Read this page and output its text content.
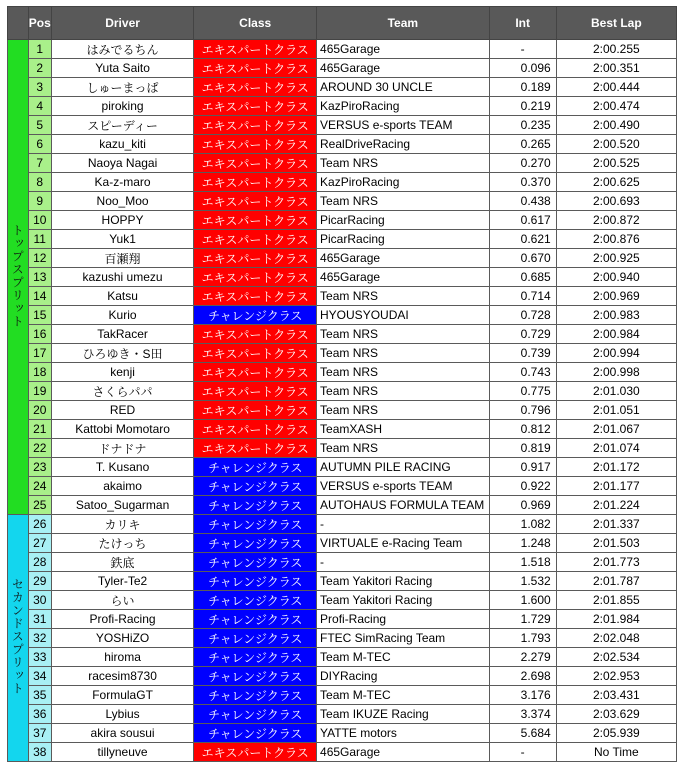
	Pos	Driver	Class	Team	Int	Best Lap
トップスプリット	1	はみでるちん	エキスパートクラス	465Garage	-	2:00.255
	2	Yuta Saito	エキスパートクラス	465Garage	0.096	2:00.351
	3	しゅーまっぱ	エキスパートクラス	AROUND 30 UNCLE	0.189	2:00.444
	4	piroking	エキスパートクラス	KazPiroRacing	0.219	2:00.474
	5	スピーディー	エキスパートクラス	VERSUS e-sports TEAM	0.235	2:00.490
	6	kazu_kiti	エキスパートクラス	RealDriveRacing	0.265	2:00.520
	7	Naoya Nagai	エキスパートクラス	Team NRS	0.270	2:00.525
	8	Ka-z-maro	エキスパートクラス	KazPiroRacing	0.370	2:00.625
	9	Noo_Moo	エキスパートクラス	Team NRS	0.438	2:00.693
	10	HOPPY	エキスパートクラス	PicarRacing	0.617	2:00.872
	11	Yuk1	エキスパートクラス	PicarRacing	0.621	2:00.876
	12	百瀬翔	エキスパートクラス	465Garage	0.670	2:00.925
	13	kazushi umezu	エキスパートクラス	465Garage	0.685	2:00.940
	14	Katsu	エキスパートクラス	Team NRS	0.714	2:00.969
	15	Kurio	チャレンジクラス	HYOUSYOUDAI	0.728	2:00.983
	16	TakRacer	エキスパートクラス	Team NRS	0.729	2:00.984
	17	ひろゆき・S田	エキスパートクラス	Team NRS	0.739	2:00.994
	18	kenji	エキスパートクラス	Team NRS	0.743	2:00.998
	19	さくらパパ	エキスパートクラス	Team NRS	0.775	2:01.030
	20	RED	エキスパートクラス	Team NRS	0.796	2:01.051
	21	Kattobi Momotaro	エキスパートクラス	TeamXASH	0.812	2:01.067
	22	ドナドナ	エキスパートクラス	Team NRS	0.819	2:01.074
	23	T. Kusano	チャレンジクラス	AUTUMN PILE RACING	0.917	2:01.172
	24	akaimo	チャレンジクラス	VERSUS e-sports TEAM	0.922	2:01.177
	25	Satoo_Sugarman	チャレンジクラス	AUTOHAUS FORMULA TEAM	0.969	2:01.224
セカンドスプリット	26	カリキ	チャレンジクラス	-	1.082	2:01.337
	27	たけっち	チャレンジクラス	VIRTUALE e-Racing Team	1.248	2:01.503
	28	鉄底	チャレンジクラス	-	1.518	2:01.773
	29	Tyler-Te2	チャレンジクラス	Team Yakitori Racing	1.532	2:01.787
	30	らい	チャレンジクラス	Team Yakitori Racing	1.600	2:01.855
	31	Profi-Racing	チャレンジクラス	Profi-Racing	1.729	2:01.984
	32	YOSHiZO	チャレンジクラス	FTEC SimRacing Team	1.793	2:02.048
	33	hiroma	チャレンジクラス	Team M-TEC	2.279	2:02.534
	34	racesim8730	チャレンジクラス	DIYRacing	2.698	2:02.953
	35	FormulaGT	チャレンジクラス	Team M-TEC	3.176	2:03.431
	36	Lybius	チャレンジクラス	Team IKUZE Racing	3.374	2:03.629
	37	akira sousui	チャレンジクラス	YATTE motors	5.684	2:05.939
	38	tillyneuve	エキスパートクラス	465Garage	-	No Time
